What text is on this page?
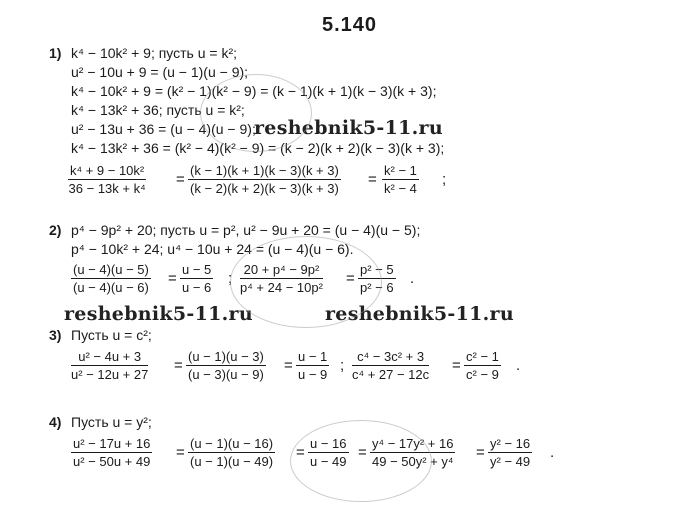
5.140
1) k⁴ − 10k² + 9; пусть u = k²;
u² − 10u + 9 = (u − 1)(u − 9);
k⁴ − 10k² + 9 = (k² − 1)(k² − 9) = (k − 1)(k + 1)(k − 3)(k + 3);
k⁴ − 13k² + 36; пусть u = k²;
u² − 13u + 36 = (u − 4)(u − 9);
k⁴ − 13k² + 36 = (k² − 4)(k² − 9) = (k − 2)(k + 2)(k − 3)(k + 3);
$\frac{\text{k⁴ + 9 − 10k²}}{\text{36 − 13k + k⁴}} = \frac{(k - 1)(k + 1)(k - 3)(k + 3)}{(k - 2)(k + 2)(k - 3)(k + 3)} = \frac{\text{k² − 1}}{\text{k² − 4}}$ ;
2) p⁴ − 9p² + 20; пусть u = p², u² − 9u + 20 = (u − 4)(u − 5);
p⁴ − 10k² + 24; u⁴ − 10u + 24 = (u − 4)(u − 6).
$\frac{(u - 4)(u - 5)}{(u - 4)(u - 6)} = \frac{u - 5}{u - 6}$ ; $\frac{\text{20 + p⁴ − 9p²}}{\text{p⁴ + 24 − 10p²}} = \frac{\text{p² − 5}}{\text{p² − 6}}$ .
3) Пусть u = c²;
$\frac{\text{u² − 4u + 3}}{\text{u² − 12u + 27}} = \frac{(u - 1)(u - 3)}{(u - 3)(u - 9)} = \frac{u - 1}{u - 9}$ ; $\frac{\text{c⁴ − 3c² + 3}}{\text{c⁴ + 27 − 12c}} = \frac{\text{c² − 1}}{\text{c² − 9}}$ .
4) Пусть u = y²;
$\frac{\text{u² − 17u + 16}}{\text{u² − 50u + 49}} = \frac{(u - 1)(u - 16)}{(u - 1)(u - 49)} = \frac{u - 16}{u - 49} = \frac{\text{y⁴ − 17y² + 16}}{\text{49 − 50y² + y⁴}} = \frac{\text{y² − 16}}{\text{y² − 49}}$ .
reshebnik5-11.ru
reshebnik5-11.ru	reshebnik5-11.ru
